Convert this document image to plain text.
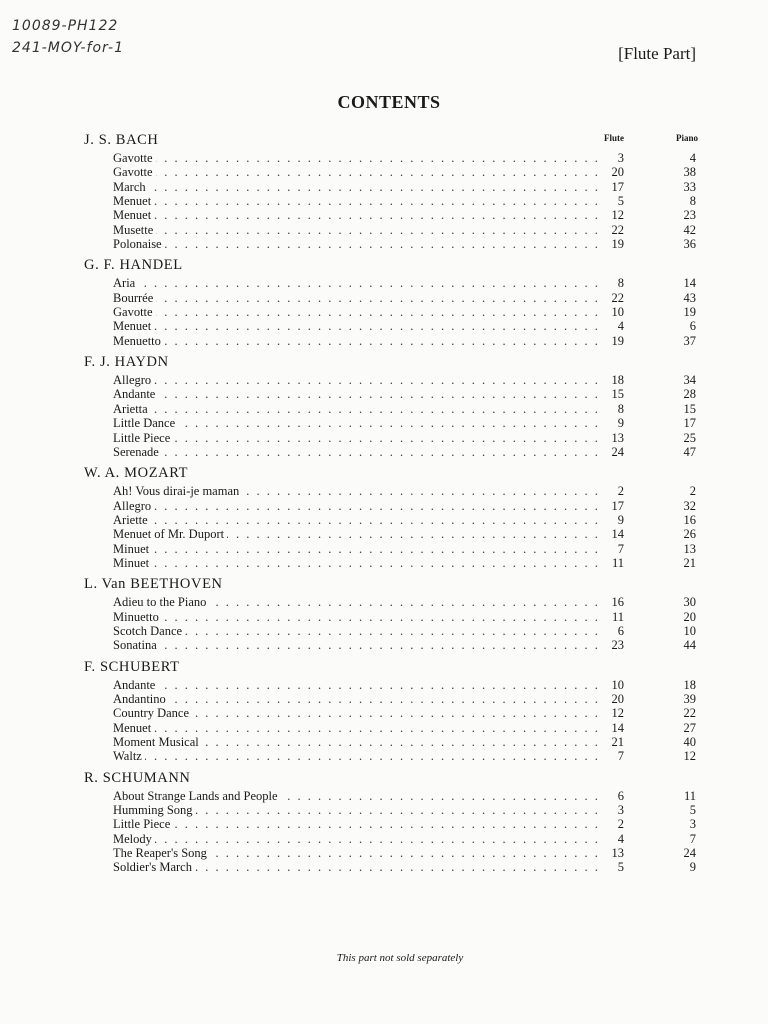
10089-PH122
241-MOY-for-1	[Flute Part]
CONTENTS
Flute	Piano
J. S. BACH
Gavotte . . .	3	4
Gavotte . . .	20	38
March . . .	17	33
Menuet . . .	5	8
Menuet . . .	12	23
Musette . . .	22	42
Polonaise . . .	19	36
G. F. HANDEL
Aria . . .	8	14
Bourrée . . .	22	43
Gavotte . . .	10	19
Menuet . . .	4	6
Menuetto . . .	19	37
F. J. HAYDN
Allegro . . .	18	34
Andante . . .	15	28
Arietta . . .	8	15
Little Dance . . .	9	17
Little Piece . . .	13	25
Serenade . . .	24	47
W. A. MOZART
Ah! Vous dirai-je maman . . .	2	2
Allegro . . .	17	32
Ariette . . .	9	16
Menuet of Mr. Duport . . .	14	26
Minuet . . .	7	13
Minuet . . .	11	21
L. Van BEETHOVEN
Adieu to the Piano . . .	16	30
Minuetto . . .	11	20
Scotch Dance . . .	6	10
Sonatina . . .	23	44
F. SCHUBERT
Andante . . .	10	18
Andantino . . .	20	39
Country Dance . . .	12	22
Menuet . . .	14	27
Moment Musical . . .	21	40
Waltz . . .	7	12
R. SCHUMANN
About Strange Lands and People . . .	6	11
Humming Song . . .	3	5
Little Piece . . .	2	3
Melody . . .	4	7
The Reaper's Song . . .	13	24
Soldier's March . . .	5	9
This part not sold separately
